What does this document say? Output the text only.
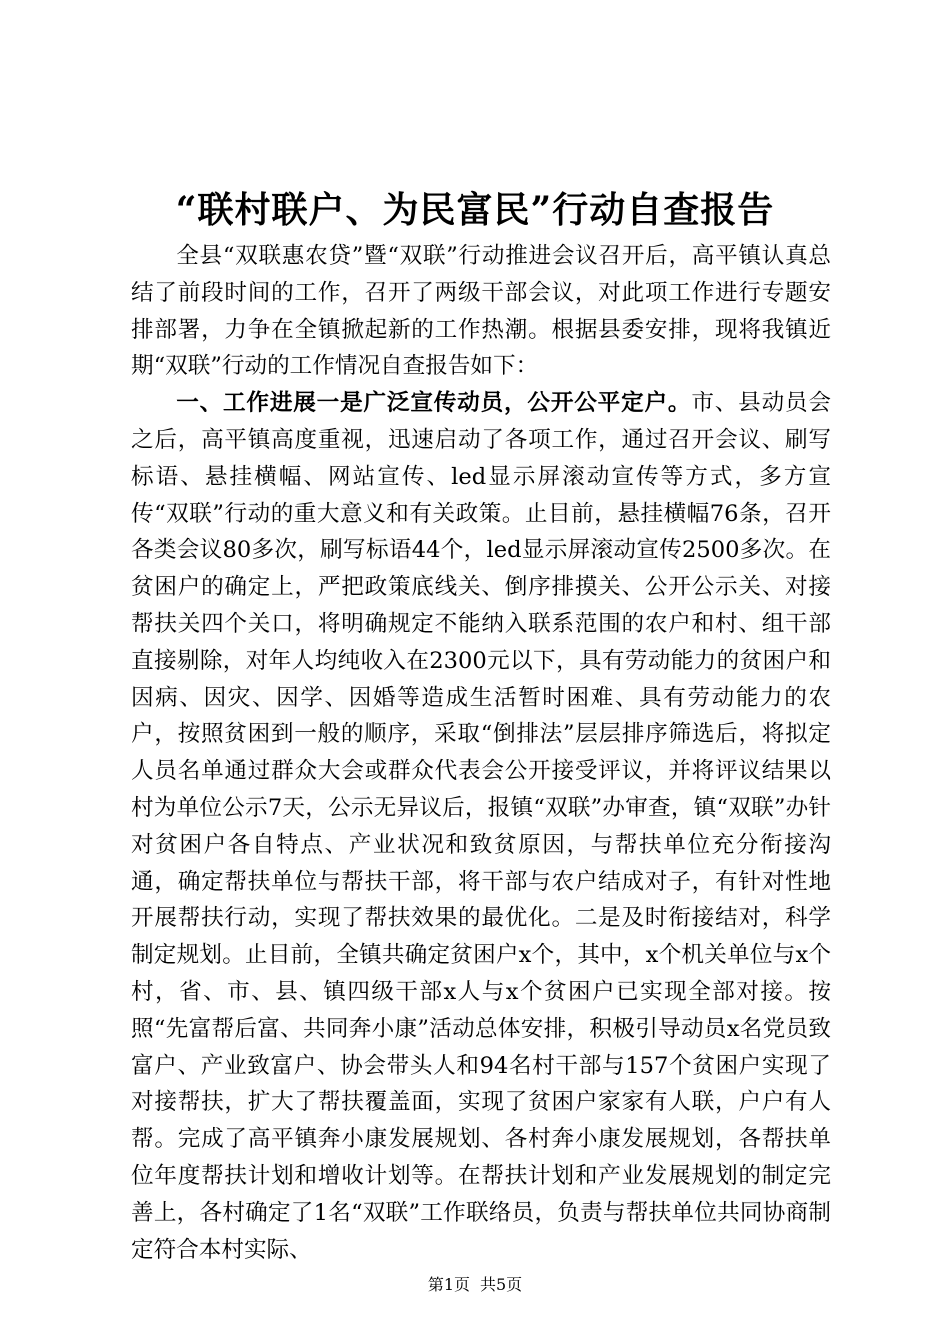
“联村联户、为民富民”行动自查报告

全县“双联惠农贷”暨“双联”行动推进会议召开后，高平镇认真总结了前段时间的工作，召开了两级干部会议，对此项工作进行专题安排部署，力争在全镇掀起新的工作热潮。根据县委安排，现将我镇近期“双联”行动的工作情况自查报告如下：

一、工作进展一是广泛宣传动员，公开公平定户。市、县动员会之后，高平镇高度重视，迅速启动了各项工作，通过召开会议、刷写标语、悬挂横幅、网站宣传、led显示屏滚动宣传等方式，多方宣传“双联”行动的重大意义和有关政策。止目前，悬挂横幅76条，召开各类会议80多次，刷写标语44个，led显示屏滚动宣传2500多次。在贫困户的确定上，严把政策底线关、倒序排摸关、公开公示关、对接帮扶关四个关口，将明确规定不能纳入联系范围的农户和村、组干部直接剔除，对年人均纯收入在2300元以下，具有劳动能力的贫困户和因病、因灾、因学、因婚等造成生活暂时困难、具有劳动能力的农户，按照贫困到一般的顺序，采取“倒排法”层层排序筛选后，将拟定人员名单通过群众大会或群众代表会公开接受评议，并将评议结果以村为单位公示7天，公示无异议后，报镇“双联”办审查，镇“双联”办针对贫困户各自特点、产业状况和致贫原因，与帮扶单位充分衔接沟通，确定帮扶单位与帮扶干部，将干部与农户结成对子，有针对性地开展帮扶行动，实现了帮扶效果的最优化。二是及时衔接结对，科学制定规划。止目前，全镇共确定贫困户x个，其中，x个机关单位与x个村，省、市、县、镇四级干部x人与x个贫困户已实现全部对接。按照“先富帮后富、共同奔小康”活动总体安排，积极引导动员x名党员致富户、产业致富户、协会带头人和94名村干部与157个贫困户实现了对接帮扶，扩大了帮扶覆盖面，实现了贫困户家家有人联，户户有人帮。完成了高平镇奔小康发展规划、各村奔小康发展规划，各帮扶单位年度帮扶计划和增收计划等。在帮扶计划和产业发展规划的制定完善上，各村确定了1名“双联”工作联络员，负责与帮扶单位共同协商制定符合本村实际、

第1页 共5页
